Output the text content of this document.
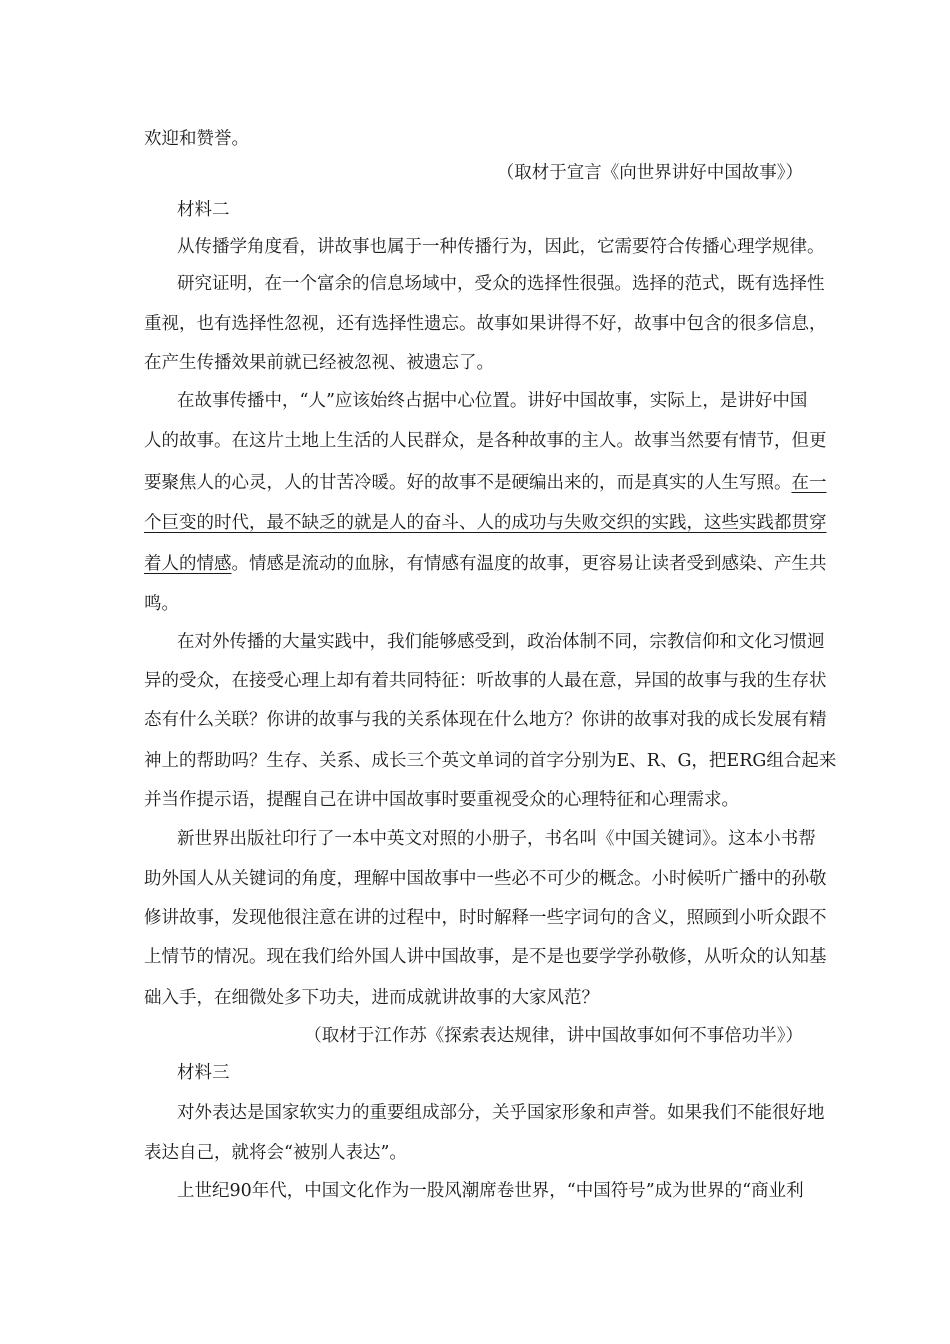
欢迎和赞誉。
（取材于宣言《向世界讲好中国故事》）
材料二
从传播学角度看，讲故事也属于一种传播行为，因此，它需要符合传播心理学规律。
研究证明，在一个富余的信息场域中，受众的选择性很强。选择的范式，既有选择性
重视，也有选择性忽视，还有选择性遗忘。故事如果讲得不好，故事中包含的很多信息，
在产生传播效果前就已经被忽视、被遗忘了。
在故事传播中，“人”应该始终占据中心位置。讲好中国故事，实际上，是讲好中国
人的故事。在这片土地上生活的人民群众，是各种故事的主人。故事当然要有情节，但更
要聚焦人的心灵，人的甘苦冷暖。好的故事不是硬编出来的，而是真实的人生写照。在一
个巨变的时代，最不缺乏的就是人的奋斗、人的成功与失败交织的实践，这些实践都贯穿
着人的情感。情感是流动的血脉，有情感有温度的故事，更容易让读者受到感染、产生共
鸣。
在对外传播的大量实践中，我们能够感受到，政治体制不同，宗教信仰和文化习惯迥
异的受众，在接受心理上却有着共同特征：听故事的人最在意，异国的故事与我的生存状
态有什么关联？你讲的故事与我的关系体现在什么地方？你讲的故事对我的成长发展有精
神上的帮助吗？生存、关系、成长三个英文单词的首字分别为E、R、G，把ERG组合起来
并当作提示语，提醒自己在讲中国故事时要重视受众的心理特征和心理需求。
新世界出版社印行了一本中英文对照的小册子，书名叫《中国关键词》。这本小书帮
助外国人从关键词的角度，理解中国故事中一些必不可少的概念。小时候听广播中的孙敬
修讲故事，发现他很注意在讲的过程中，时时解释一些字词句的含义，照顾到小听众跟不
上情节的情况。现在我们给外国人讲中国故事，是不是也要学学孙敬修，从听众的认知基
础入手，在细微处多下功夫，进而成就讲故事的大家风范？
（取材于江作苏《探索表达规律，讲中国故事如何不事倍功半》）
材料三
对外表达是国家软实力的重要组成部分，关乎国家形象和声誉。如果我们不能很好地
表达自己，就将会“被别人表达”。
上世纪90年代，中国文化作为一股风潮席卷世界，“中国符号”成为世界的“商业利
